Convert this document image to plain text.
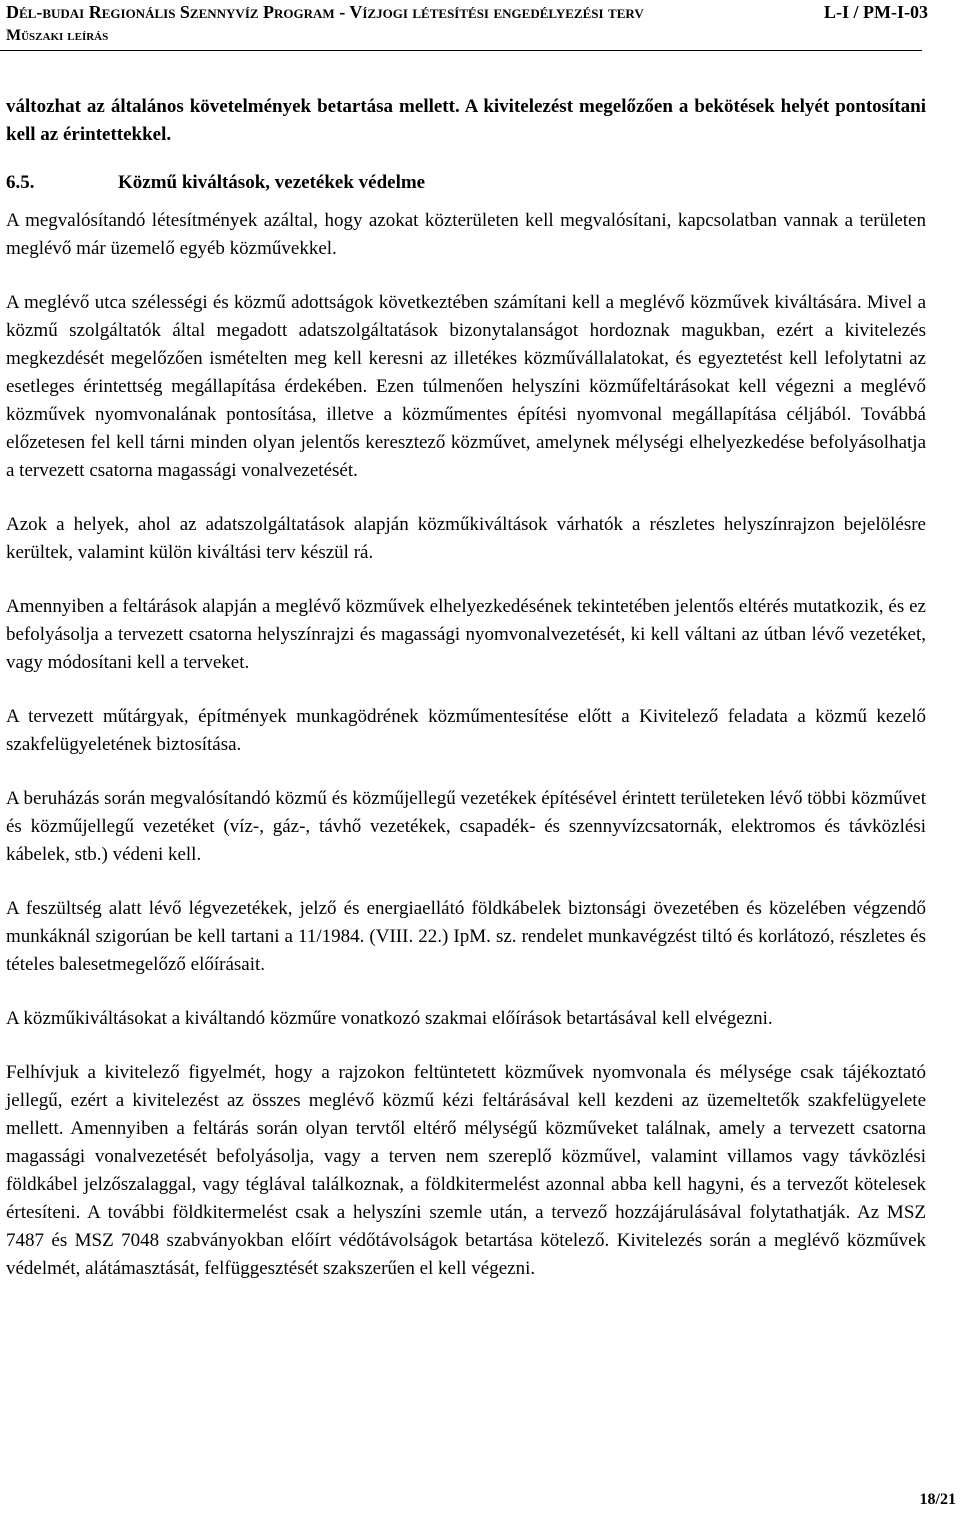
Dél-budai Regionális Szennyvíz Program - Vízjogi létesítési engedélyezési terv	L-I / PM-I-03
Műszaki leírás

változhat az általános követelmények betartása mellett. A kivitelezést megelőzően a bekötések helyét pontosítani kell az érintettekkel.

6.5.	Közmű kiváltások, vezetékek védelme

A megvalósítandó létesítmények azáltal, hogy azokat közterületen kell megvalósítani, kapcsolatban vannak a területen meglévő már üzemelő egyéb közművekkel.

A meglévő utca szélességi és közmű adottságok következtében számítani kell a meglévő közművek kiváltására. Mivel a közmű szolgáltatók által megadott adatszolgáltatások bizonytalanságot hordoznak magukban, ezért a kivitelezés megkezdését megelőzően ismételten meg kell keresni az illetékes közművállalatokat, és egyeztetést kell lefolytatni az esetleges érintettség megállapítása érdekében. Ezen túlmenően helyszíni közműfeltárásokat kell végezni a meglévő közművek nyomvonalának pontosítása, illetve a közműmentes építési nyomvonal megállapítása céljából. Továbbá előzetesen fel kell tárni minden olyan jelentős keresztező közművet, amelynek mélységi elhelyezkedése befolyásolhatja a tervezett csatorna magassági vonalvezetését.

Azok a helyek, ahol az adatszolgáltatások alapján közműkiváltások várhatók a részletes helyszínrajzon bejelölésre kerültek, valamint külön kiváltási terv készül rá.

Amennyiben a feltárások alapján a meglévő közművek elhelyezkedésének tekintetében jelentős eltérés mutatkozik, és ez befolyásolja a tervezett csatorna helyszínrajzi és magassági nyomvonalvezetését, ki kell váltani az útban lévő vezetéket, vagy módosítani kell a terveket.

A tervezett műtárgyak, építmények munkagödrének közműmentesítése előtt a Kivitelező feladata a közmű kezelő szakfelügyeletének biztosítása.

A beruházás során megvalósítandó közmű és közműjellegű vezetékek építésével érintett területeken lévő többi közművet és közműjellegű vezetéket (víz-, gáz-, távhő vezetékek, csapadék- és szennyvízcsatornák, elektromos és távközlési kábelek, stb.) védeni kell.

A feszültség alatt lévő légvezetékek, jelző és energiaellátó földkábelek biztonsági övezetében és közelében végzendő munkáknál szigorúan be kell tartani a 11/1984. (VIII. 22.) IpM. sz. rendelet munkavégzést tiltó és korlátozó, részletes és tételes balesetmegelőző előírásait.

A közműkiváltásokat a kiváltandó közműre vonatkozó szakmai előírások betartásával kell elvégezni.

Felhívjuk a kivitelező figyelmét, hogy a rajzokon feltüntetett közművek nyomvonala és mélysége csak tájékoztató jellegű, ezért a kivitelezést az összes meglévő közmű kézi feltárásával kell kezdeni az üzemeltetők szakfelügyelete mellett. Amennyiben a feltárás során olyan tervtől eltérő mélységű közműveket találnak, amely a tervezett csatorna magassági vonalvezetését befolyásolja, vagy a terven nem szereplő közművel, valamint villamos vagy távközlési földkábel jelzőszalaggal, vagy téglával találkoznak, a földkitermelést azonnal abba kell hagyni, és a tervezőt kötelesek értesíteni. A további földkitermelést csak a helyszíni szemle után, a tervező hozzájárulásával folytathatják. Az MSZ 7487 és MSZ 7048 szabványokban előírt védőtávolságok betartása kötelező. Kivitelezés során a meglévő közművek védelmét, alátámasztását, felfüggesztését szakszerűen el kell végezni.

18/21
